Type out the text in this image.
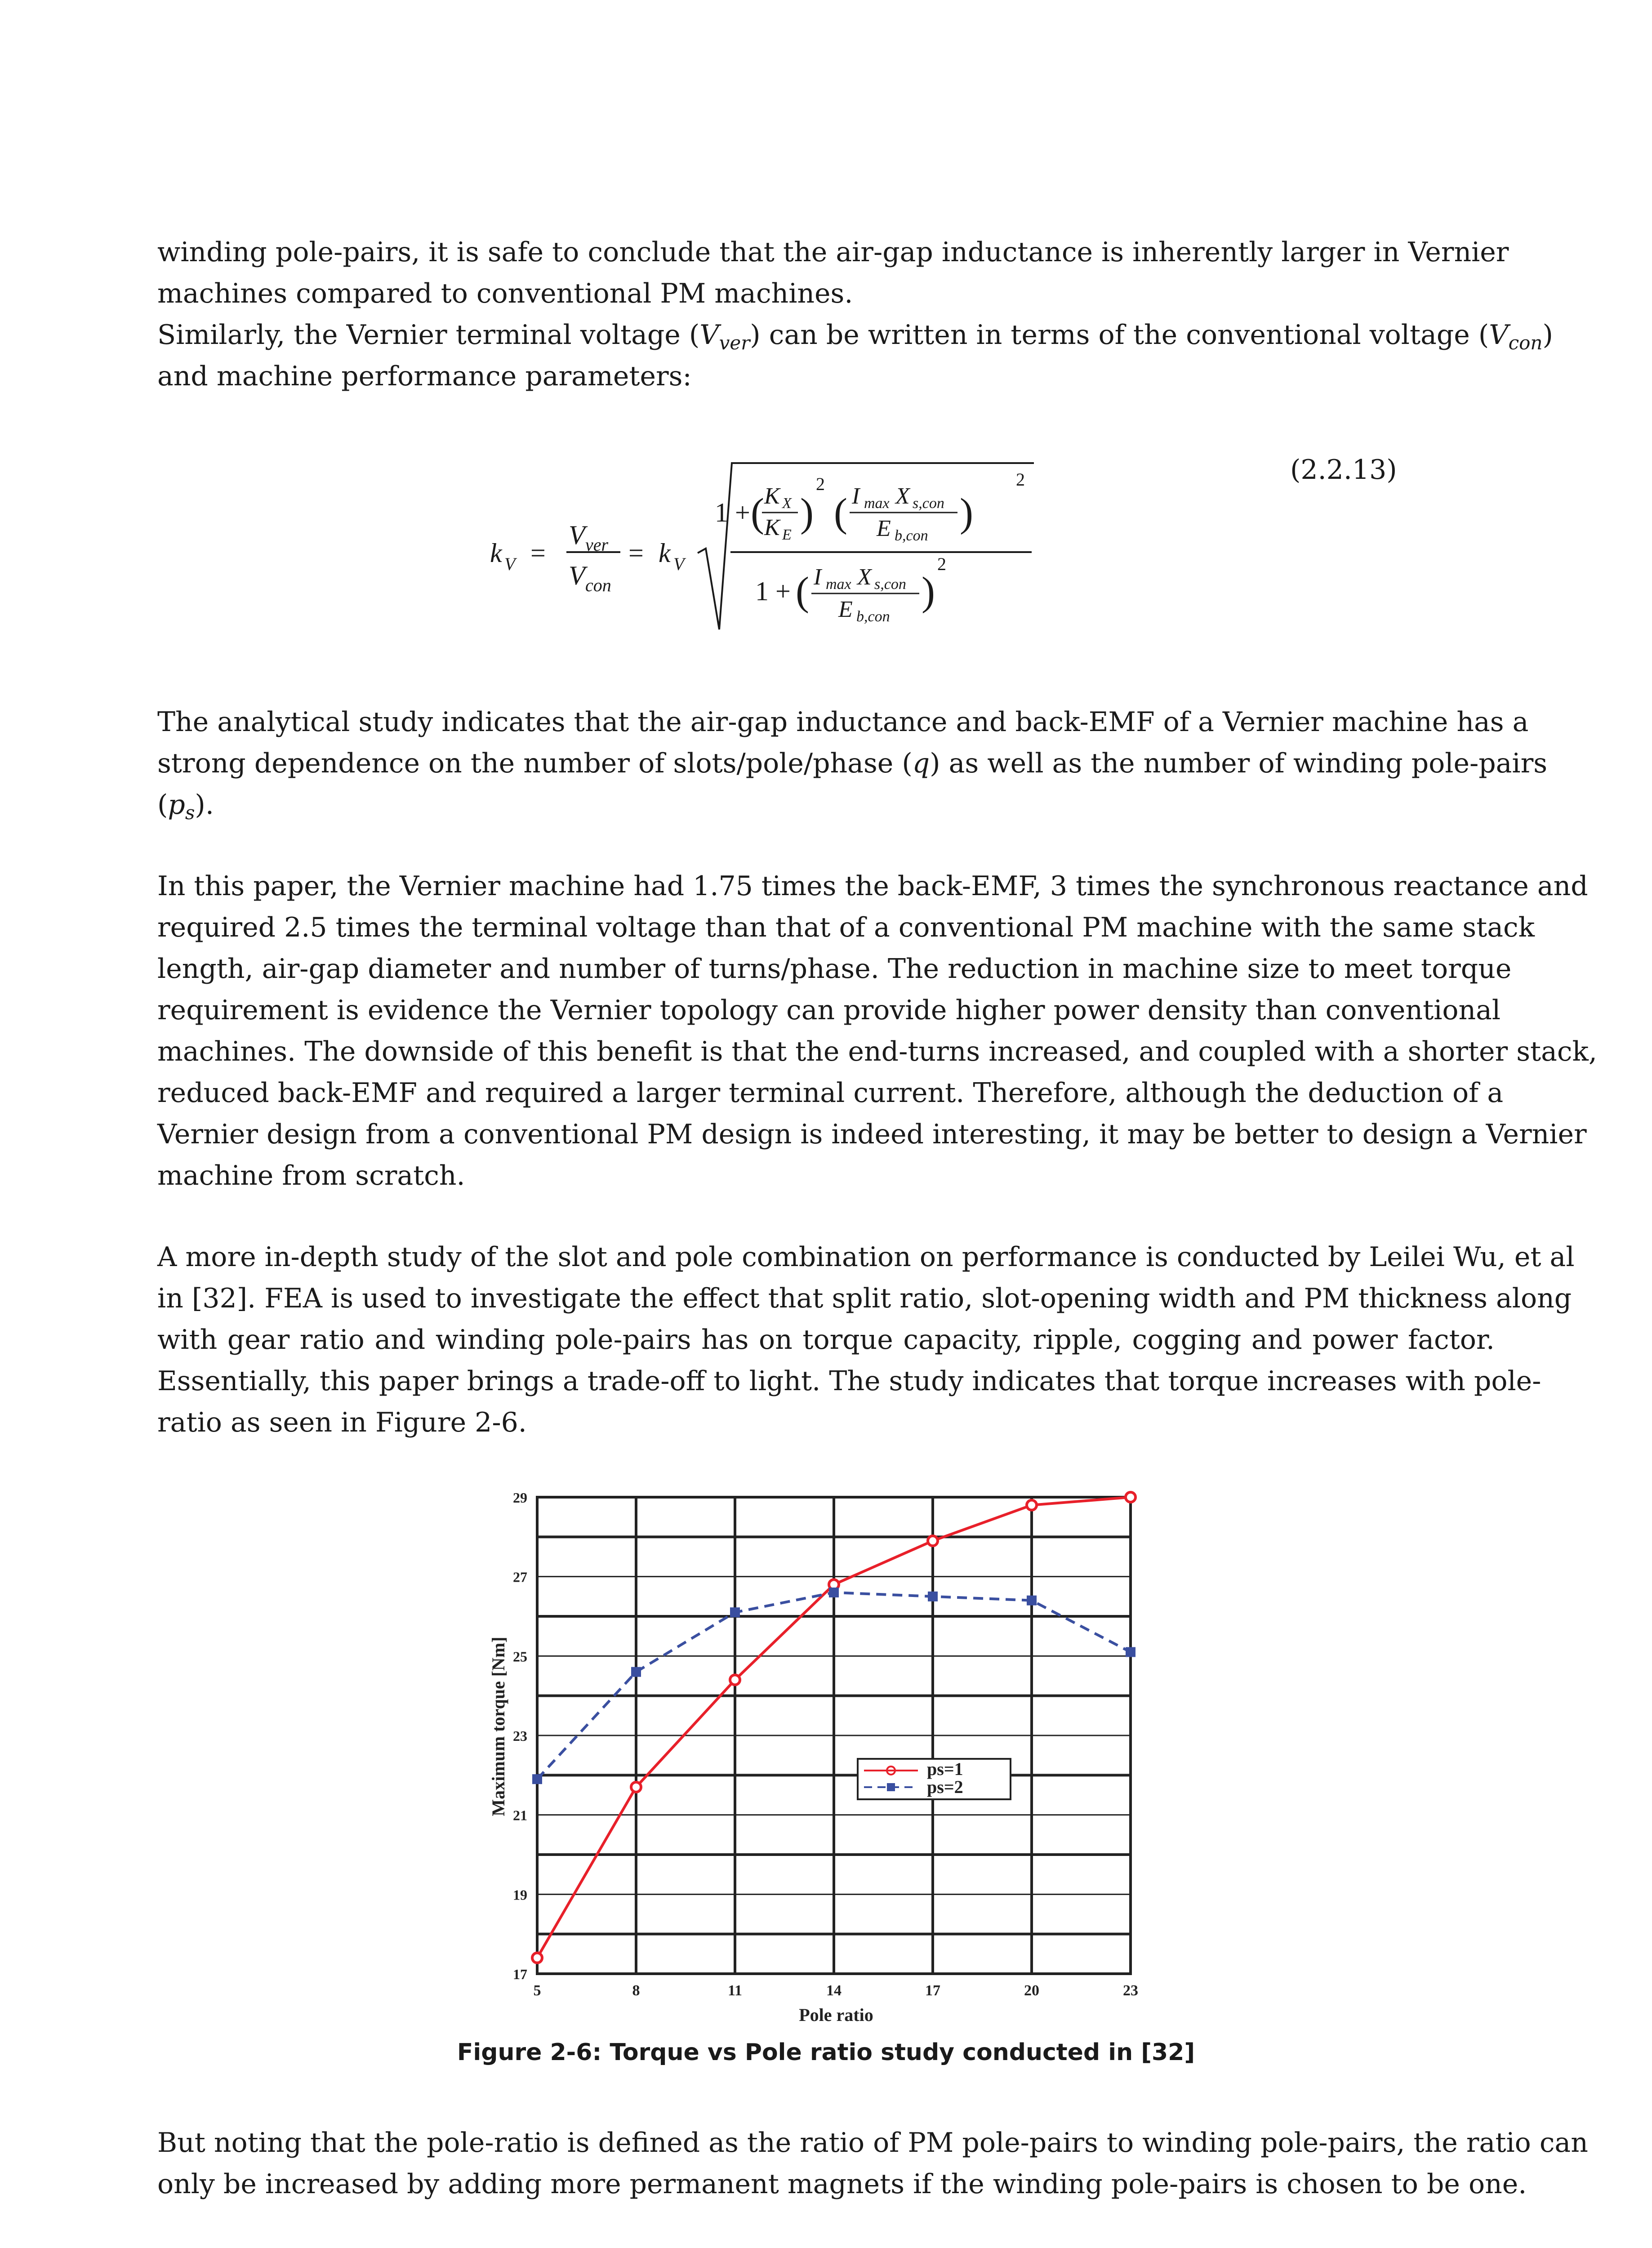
winding pole-pairs, it is safe to conclude that the air-gap inductance is inherently larger in Vernier
machines compared to conventional PM machines.
Similarly, the Vernier terminal voltage $(V_{ver})$ can be written in terms of the conventional voltage $(V_{con})$
and machine performance parameters:
(2.2.13)
k V =
V ver
V con
= k V
1 + ( K X
K E )
2
( I max X s,con
E b,con
)
2
1 + ( I max X s,con
E b,con
)
2
The analytical study indicates that the air-gap inductance and back-EMF of a Vernier machine has a
strong dependence on the number of slots/pole/phase (q) as well as the number of winding pole-pairs
$(p_s)$.
In this paper, the Vernier machine had 1.75 times the back-EMF, 3 times the synchronous reactance and
required 2.5 times the terminal voltage than that of a conventional PM machine with the same stack
length, air-gap diameter and number of turns/phase. The reduction in machine size to meet torque
requirement is evidence the Vernier topology can provide higher power density than conventional
machines. The downside of this benefit is that the end-turns increased, and coupled with a shorter stack,
reduced back-EMF and required a larger terminal current. Therefore, although the deduction of a
Vernier design from a conventional PM design is indeed interesting, it may be better to design a Vernier
machine from scratch.
A more in-depth study of the slot and pole combination on performance is conducted by Leilei Wu, et al
in [32]. FEA is used to investigate the effect that split ratio, slot-opening width and PM thickness along
with gear ratio and winding pole-pairs has on torque capacity, ripple, cogging and power factor.
Essentially, this paper brings a trade-off to light. The study indicates that torque increases with pole-
ratio as seen in Figure 2-6.
5	8	11	14	17	20	23
17
19
21
23
25
27
29
Maximum torque [Nm]
Pole ratio
ps=1
ps=2
Figure 2-6: Torque vs Pole ratio study conducted in [32]
But noting that the pole-ratio is defined as the ratio of PM pole-pairs to winding pole-pairs, the ratio can
only be increased by adding more permanent magnets if the winding pole-pairs is chosen to be one.
